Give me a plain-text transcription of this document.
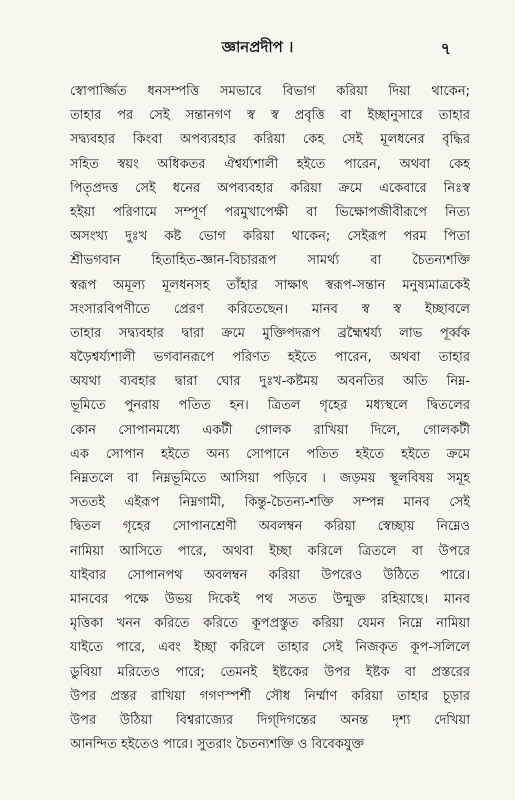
জ্ঞানপ্রদীপ ।	৭
স্বোপার্জ্জিত ধনসম্পত্তি সমভাবে বিভাগ করিয়া দিয়া থাকেন;
তাহার পর সেই সন্তানগণ স্ব স্ব প্রবৃত্তি বা ইচ্ছানুসারে তাহার
সদ্ব্যবহার কিংবা অপব্যবহার করিয়া কেহ সেই মূলধনের বৃদ্ধির
সহিত স্বয়ং অধিকতর ঐশ্বর্য্যশালী হইতে পারেন, অথবা কেহ
পিতৃপ্রদত্ত সেই ধনের অপব্যবহার করিয়া ক্রমে একেবারে নিঃস্ব
হইয়া পরিণামে সম্পূর্ণ পরমুখাপেক্ষী বা ভিক্ষোপজীবীরূপে নিত্য
অসংখ্য দুঃখ কষ্ট ভোগ করিয়া থাকেন; সেইরূপ পরম পিতা
শ্রীভগবান হিতাহিত-জ্ঞান-বিচাররূপ সামর্থ্য বা চৈতন্যশক্তি
স্বরূপ অমূল্য মূলধনসহ তাঁহার সাক্ষাৎ স্বরূপ-সন্তান মনুষ্যমাত্রকেই
সংসারবিপণীতে প্রেরণ করিতেছেন। মানব স্ব স্ব ইচ্ছাবলে
তাহার সদ্ব্যবহার দ্বারা ক্রমে মুক্তিপদরূপ ব্রহ্মৈশ্বর্য্য লাভ পূর্ব্বক
ষড়ৈশ্বর্য্যশালী ভগবানরূপে পরিণত হইতে পারেন, অথবা তাহার
অযথা ব্যবহার দ্বারা ঘোর দুঃখ-কষ্টময় অবনতির অতি নিম্ন-
ভূমিতে পুনরায় পতিত হন। ত্রিতল গৃহের মধ্যস্থলে দ্বিতলের
কোন সোপানমধ্যে একটী গোলক রাখিয়া দিলে, গোলকটী
এক সোপান হইতে অন্য সোপানে পতিত হইতে হইতে ক্রমে
নিম্নতলে বা নিম্নভূমিতে আসিয়া পড়িবে । জড়ময় স্থূলবিষয় সমূহ
সততই এইরূপ নিম্নগামী, কিন্তু-চৈতন্য-শক্তি সম্পন্ন মানব সেই
দ্বিতল গৃহের সোপানশ্রেণী অবলম্বন করিয়া স্বেচ্ছায় নিম্নেও
নামিয়া আসিতে পারে, অথবা ইচ্ছা করিলে ত্রিতলে বা উপরে
যাইবার সোপানপথ অবলম্বন করিয়া উপরেও উঠিতে পারে।
মানবের পক্ষে উভয় দিকেই পথ সতত উন্মুক্ত রহিয়াছে। মানব
মৃত্তিকা খনন করিতে করিতে কূপপ্রস্তুত করিয়া যেমন নিম্নে নামিয়া
যাইতে পারে, এবং ইচ্ছা করিলে তাহার সেই নিজকৃত কূপ-সলিলে
ডুবিয়া মরিতেও পারে; তেমনই ইষ্টকের উপর ইষ্টক বা প্রস্তরের
উপর প্রস্তর রাখিয়া গগণস্পর্শী সৌধ নির্ম্মাণ করিয়া তাহার চূড়ার
উপর উঠিয়া বিশ্বরাজ্যের দিগ্‌দিগন্তের অনন্ত দৃশ্য দেখিয়া
আনন্দিত হইতেও পারে। সুতরাং চৈতন্যশক্তি ও বিবেকযুক্ত
